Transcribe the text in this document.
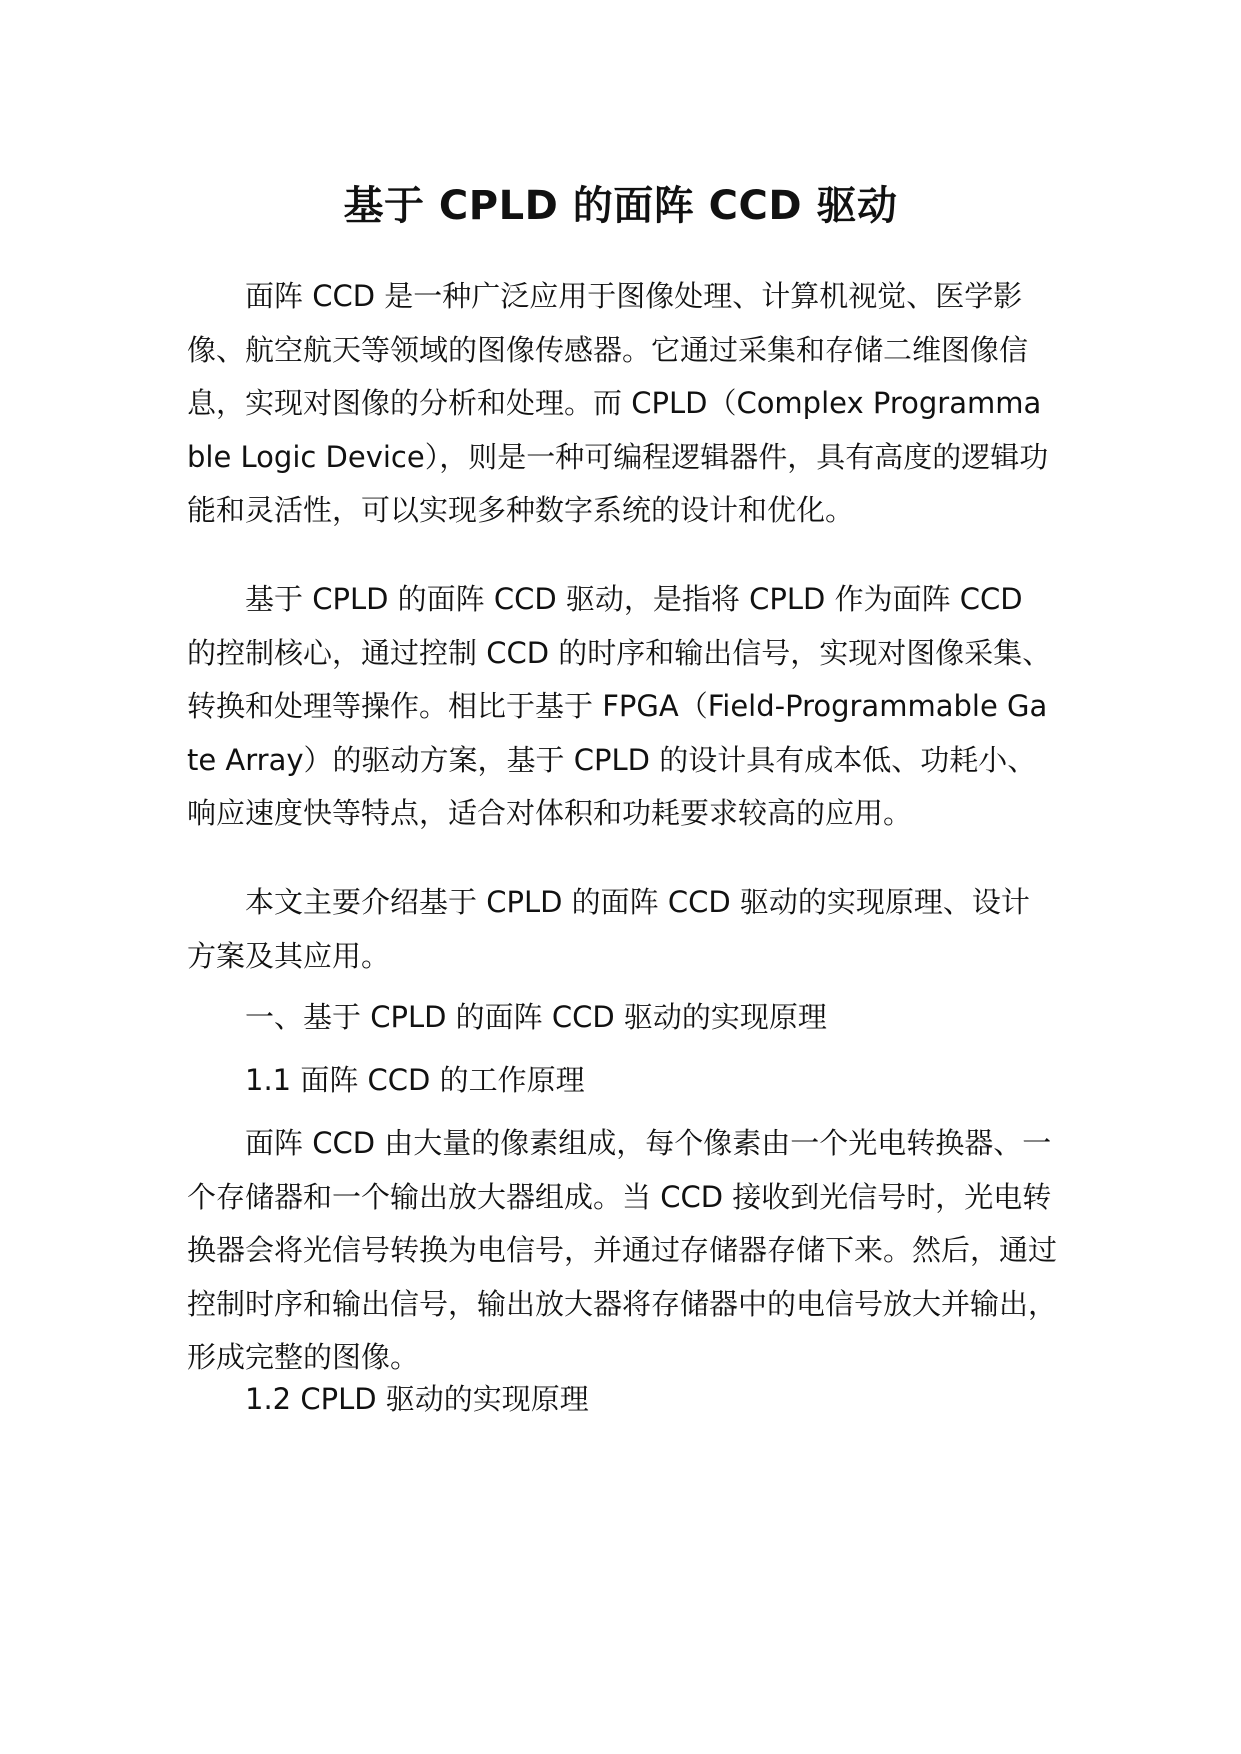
基于 CPLD 的面阵 CCD 驱动
面阵 CCD 是一种广泛应用于图像处理、计算机视觉、医学影像、航空航天等领域的图像传感器。它通过采集和存储二维图像信息，实现对图像的分析和处理。而 CPLD（Complex Programmable Logic Device），则是一种可编程逻辑器件，具有高度的逻辑功能和灵活性，可以实现多种数字系统的设计和优化。
基于 CPLD 的面阵 CCD 驱动，是指将 CPLD 作为面阵 CCD 的控制核心，通过控制 CCD 的时序和输出信号，实现对图像采集、转换和处理等操作。相比于基于 FPGA（Field-Programmable Gate Array）的驱动方案，基于 CPLD 的设计具有成本低、功耗小、响应速度快等特点，适合对体积和功耗要求较高的应用。
本文主要介绍基于 CPLD 的面阵 CCD 驱动的实现原理、设计方案及其应用。
一、基于 CPLD 的面阵 CCD 驱动的实现原理
1.1 面阵 CCD 的工作原理
面阵 CCD 由大量的像素组成，每个像素由一个光电转换器、一个存储器和一个输出放大器组成。当 CCD 接收到光信号时，光电转换器会将光信号转换为电信号，并通过存储器存储下来。然后，通过控制时序和输出信号，输出放大器将存储器中的电信号放大并输出，形成完整的图像。
1.2 CPLD 驱动的实现原理
